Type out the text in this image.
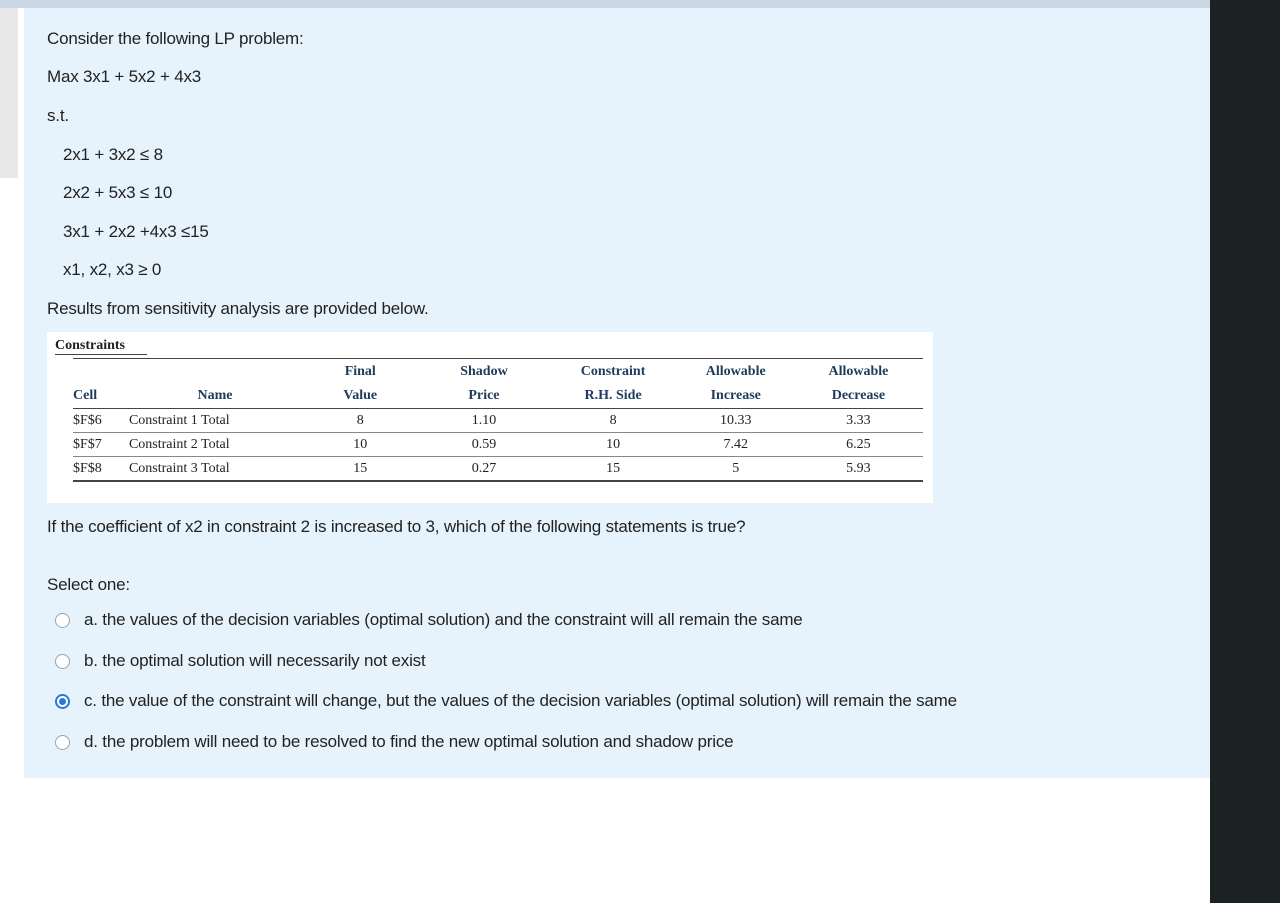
Consider the following LP problem:
Max 3x1 + 5x2 + 4x3
s.t.
2x1 + 3x2 ≤ 8
2x2 + 5x3 ≤ 10
3x1 + 2x2 +4x3 ≤15
x1, x2, x3 ≥ 0
Results from sensitivity analysis are provided below.
Constraints
		Final	Shadow	Constraint	Allowable	Allowable
Cell	Name	Value	Price	R.H. Side	Increase	Decrease
$F$6	Constraint 1 Total	8	1.10	8	10.33	3.33
$F$7	Constraint 2 Total	10	0.59	10	7.42	6.25
$F$8	Constraint 3 Total	15	0.27	15	5	5.93
If the coefficient of x2 in constraint 2 is increased to 3, which of the following statements is true?
Select one:
a. the values of the decision variables (optimal solution) and the constraint will all remain the same
b. the optimal solution will necessarily not exist
c. the value of the constraint will change, but the values of the decision variables (optimal solution) will remain the same
d. the problem will need to be resolved to find the new optimal solution and shadow price
